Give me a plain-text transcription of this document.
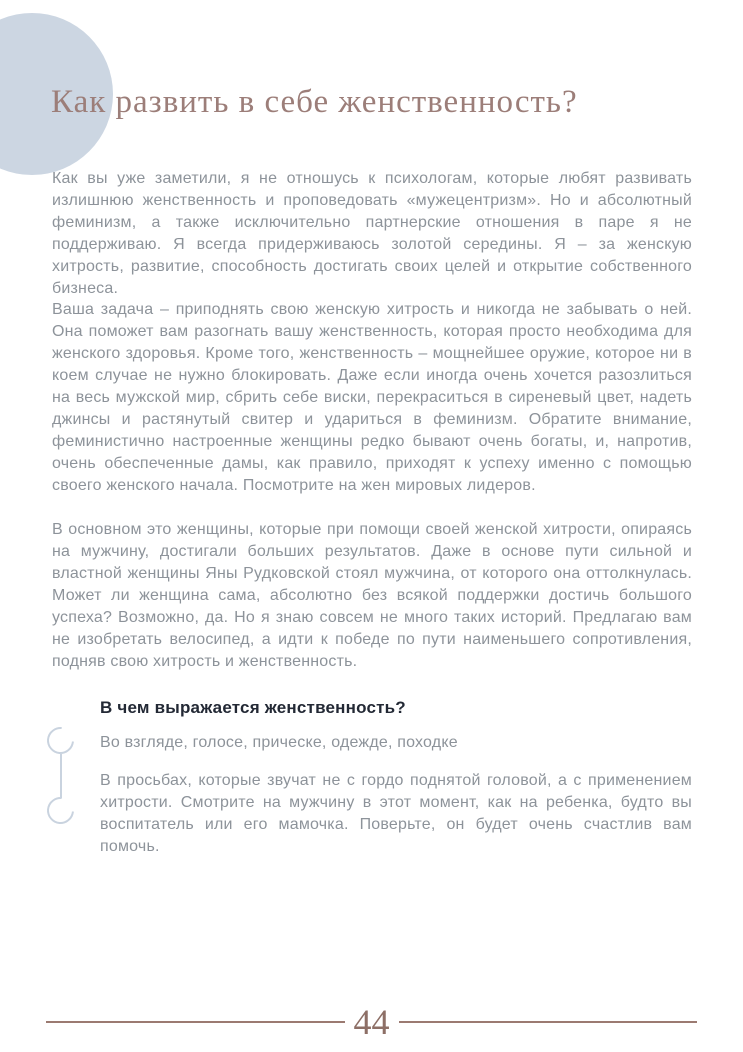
Как развить в себе женственность?

Как вы уже заметили, я не отношусь к психологам, которые любят развивать излишнюю женственность и проповедовать «мужецентризм». Но и абсолютный феминизм, а также исключительно партнерские отношения в паре я не поддерживаю. Я всегда придерживаюсь золотой середины. Я – за женскую хитрость, развитие, способность достигать своих целей и открытие собственного бизнеса.

Ваша задача – приподнять свою женскую хитрость и никогда не забывать о ней. Она поможет вам разогнать вашу женственность, которая просто необходима для женского здоровья. Кроме того, женственность – мощнейшее оружие, которое ни в коем случае не нужно блокировать. Даже если иногда очень хочется разозлиться на весь мужской мир, сбрить себе виски, перекраситься в сиреневый цвет, надеть джинсы и растянутый свитер и удариться в феминизм. Обратите внимание, феминистично настроенные женщины редко бывают очень богаты, и, напротив, очень обеспеченные дамы, как правило, приходят к успеху именно с помощью своего женского начала. Посмотрите на жен мировых лидеров.

В основном это женщины, которые при помощи своей женской хитрости, опираясь на мужчину, достигали больших результатов. Даже в основе пути сильной и властной женщины Яны Рудковской стоял мужчина, от которого она оттолкнулась. Может ли женщина сама, абсолютно без всякой поддержки достичь большого успеха? Возможно, да. Но я знаю совсем не много таких историй. Предлагаю вам не изобретать велосипед, а идти к победе по пути наименьшего сопротивления, подняв свою хитрость и женственность.

В чем выражается женственность?

Во взгляде, голосе, прическе, одежде, походке

В просьбах, которые звучат не с гордо поднятой головой, а с применением хитрости. Смотрите на мужчину в этот момент, как на ребенка, будто вы воспитатель или его мамочка. Поверьте, он будет очень счастлив вам помочь.

44
